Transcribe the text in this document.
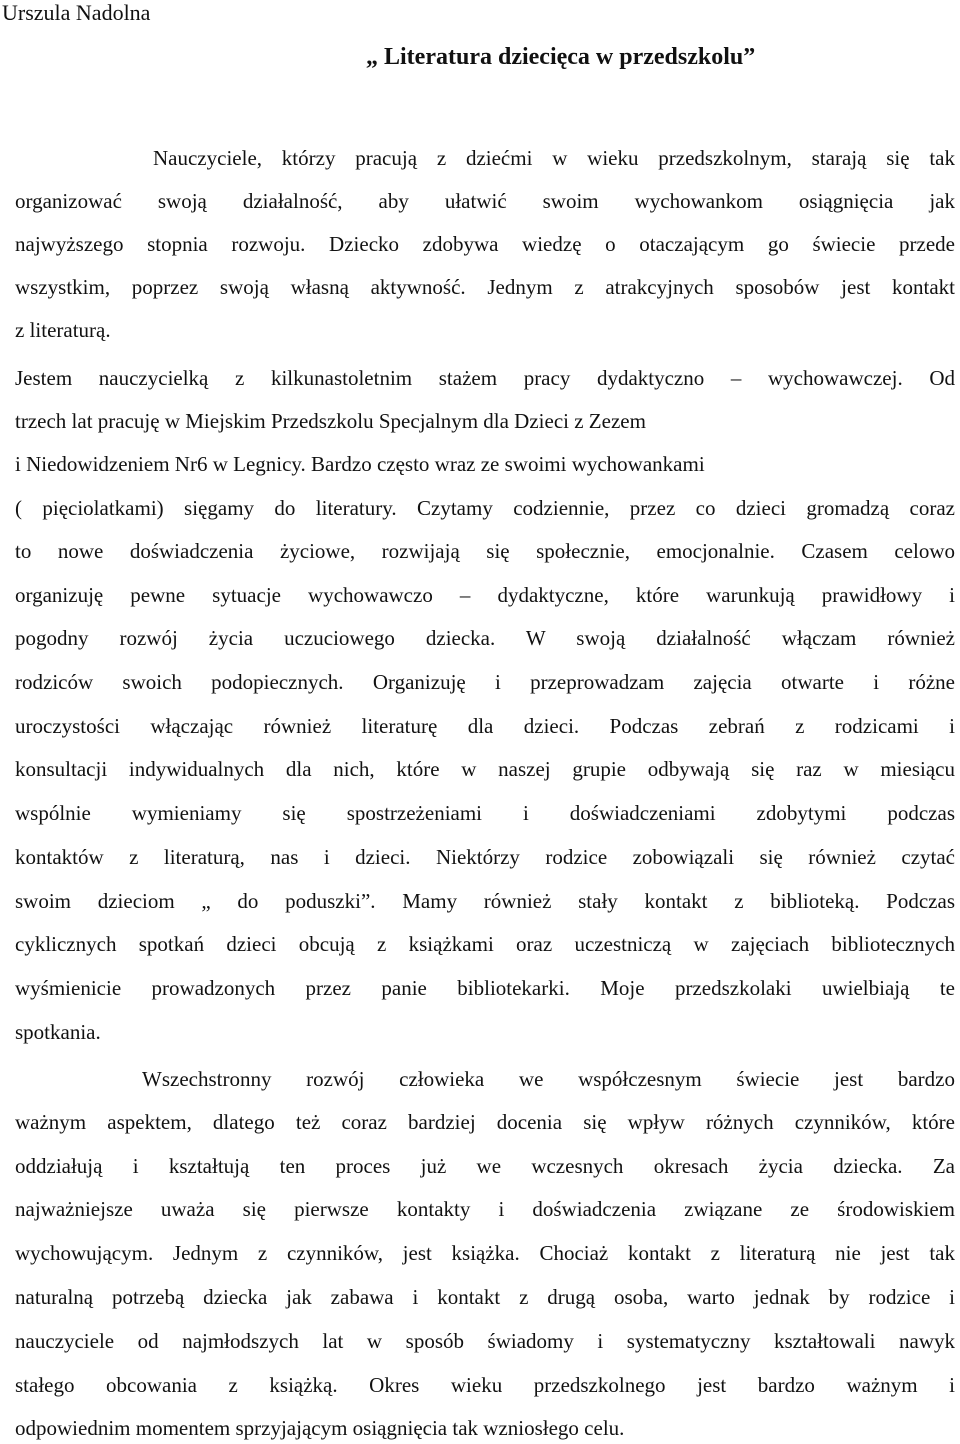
Urszula Nadolna
„ Literatura dziecięca w przedszkolu”
Nauczyciele, którzy pracują z dziećmi w wieku przedszkolnym, starają się tak
organizować swoją działalność, aby ułatwić swoim wychowankom osiągnięcia jak
najwyższego stopnia rozwoju. Dziecko zdobywa wiedzę o otaczającym go świecie przede
wszystkim, poprzez swoją własną aktywność. Jednym z atrakcyjnych sposobów jest kontakt
z literaturą.
Jestem nauczycielką z kilkunastoletnim stażem pracy dydaktyczno – wychowawczej. Od
trzech lat pracuję w Miejskim Przedszkolu Specjalnym dla Dzieci z Zezem
i Niedowidzeniem Nr6 w Legnicy. Bardzo często wraz ze swoimi wychowankami
( pięciolatkami) sięgamy do literatury. Czytamy codziennie, przez co dzieci gromadzą coraz
to nowe doświadczenia życiowe, rozwijają się społecznie, emocjonalnie. Czasem celowo
organizuję pewne sytuacje wychowawczo – dydaktyczne, które warunkują prawidłowy i
pogodny rozwój życia uczuciowego dziecka. W swoją działalność włączam również
rodziców swoich podopiecznych. Organizuję i przeprowadzam zajęcia otwarte i różne
uroczystości włączając również literaturę dla dzieci. Podczas zebrań z rodzicami i
konsultacji indywidualnych dla nich, które w naszej grupie odbywają się raz w miesiącu
wspólnie wymieniamy się spostrzeżeniami i doświadczeniami zdobytymi podczas
kontaktów z literaturą, nas i dzieci. Niektórzy rodzice zobowiązali się również czytać
swoim dzieciom „ do poduszki”. Mamy również stały kontakt z biblioteką. Podczas
cyklicznych spotkań dzieci obcują z książkami oraz uczestniczą w zajęciach bibliotecznych
wyśmienicie prowadzonych przez panie bibliotekarki. Moje przedszkolaki uwielbiają te
spotkania.
Wszechstronny rozwój człowieka we współczesnym świecie jest bardzo
ważnym aspektem, dlatego też coraz bardziej docenia się wpływ różnych czynników, które
oddziałują i kształtują ten proces już we wczesnych okresach życia dziecka. Za
najważniejsze uważa się pierwsze kontakty i doświadczenia związane ze środowiskiem
wychowującym. Jednym z czynników, jest książka. Chociaż kontakt z literaturą nie jest tak
naturalną potrzebą dziecka jak zabawa i kontakt z drugą osoba, warto jednak by rodzice i
nauczyciele od najmłodszych lat w sposób świadomy i systematyczny kształtowali nawyk
stałego obcowania z książką. Okres wieku przedszkolnego jest bardzo ważnym i
odpowiednim momentem sprzyjającym osiągnięcia tak wzniosłego celu.
